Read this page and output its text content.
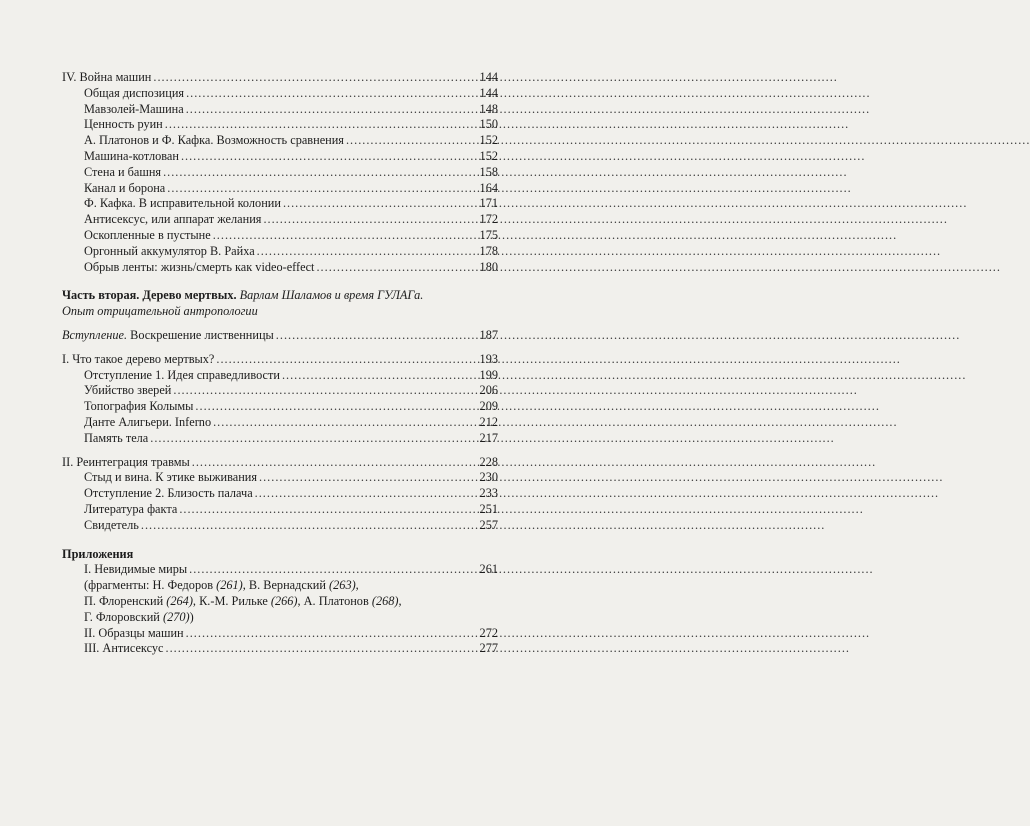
IV. Война машин .....	144
Общая диспозиция .....	144
Мавзолей-Машина .....	148
Ценность руин .....	150
А. Платонов и Ф. Кафка. Возможность сравнения .....	152
Машина-котлован .....	152
Стена и башня .....	158
Канал и борона .....	164
Ф. Кафка. В исправительной колонии .....	171
Антисексус, или аппарат желания .....	172
Оскопленные в пустыне .....	175
Оргонный аккумулятор В. Райха .....	178
Обрыв ленты: жизнь/смерть как video-effect .....	180
Часть вторая. Дерево мертвых. Варлам Шаламов и время ГУЛАГа.
Опыт отрицательной антропологии
Вступление. Воскрешение лиственницы .....	187
I. Что такое дерево мертвых? .....	193
Отступление 1. Идея справедливости .....	199
Убийство зверей .....	206
Топография Колымы .....	209
Данте Алигьери. Inferno .....	212
Память тела .....	217
II. Реинтеграция травмы .....	228
Стыд и вина. К этике выживания .....	230
Отступление 2. Близость палача .....	233
Литература факта .....	251
Свидетель .....	257
Приложения
I. Невидимые миры .....	261
(фрагменты: Н. Федоров (261), В. Вернадский (263),
П. Флоренский (264), К.-М. Рильке (266), А. Платонов (268),
Г. Флоровский (270))
II. Образцы машин .....	272
III. Антисексус .....	277
